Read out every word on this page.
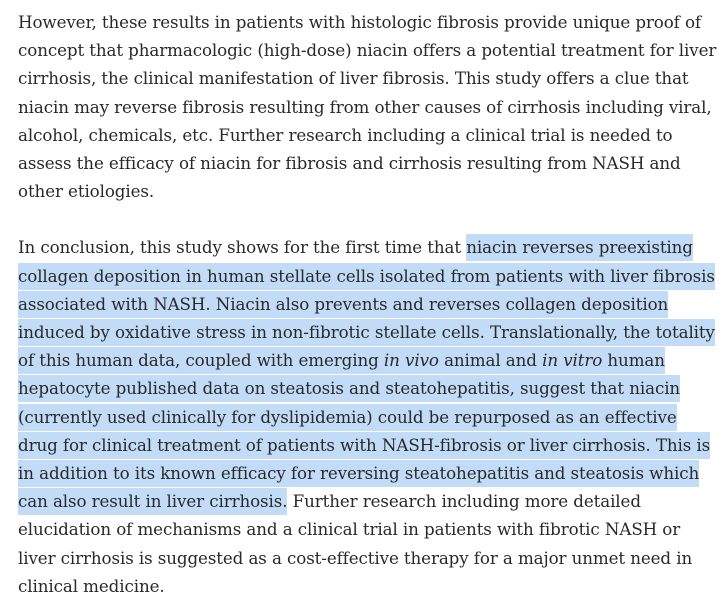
However, these results in patients with histologic fibrosis provide unique proof of concept that pharmacologic (high-dose) niacin offers a potential treatment for liver cirrhosis, the clinical manifestation of liver fibrosis. This study offers a clue that niacin may reverse fibrosis resulting from other causes of cirrhosis including viral, alcohol, chemicals, etc. Further research including a clinical trial is needed to assess the efficacy of niacin for fibrosis and cirrhosis resulting from NASH and other etiologies.

In conclusion, this study shows for the first time that niacin reverses preexisting collagen deposition in human stellate cells isolated from patients with liver fibrosis associated with NASH. Niacin also prevents and reverses collagen deposition induced by oxidative stress in non-fibrotic stellate cells. Translationally, the totality of this human data, coupled with emerging in vivo animal and in vitro human hepatocyte published data on steatosis and steatohepatitis, suggest that niacin (currently used clinically for dyslipidemia) could be repurposed as an effective drug for clinical treatment of patients with NASH-fibrosis or liver cirrhosis. This is in addition to its known efficacy for reversing steatohepatitis and steatosis which can also result in liver cirrhosis. Further research including more detailed elucidation of mechanisms and a clinical trial in patients with fibrotic NASH or liver cirrhosis is suggested as a cost-effective therapy for a major unmet need in clinical medicine.
